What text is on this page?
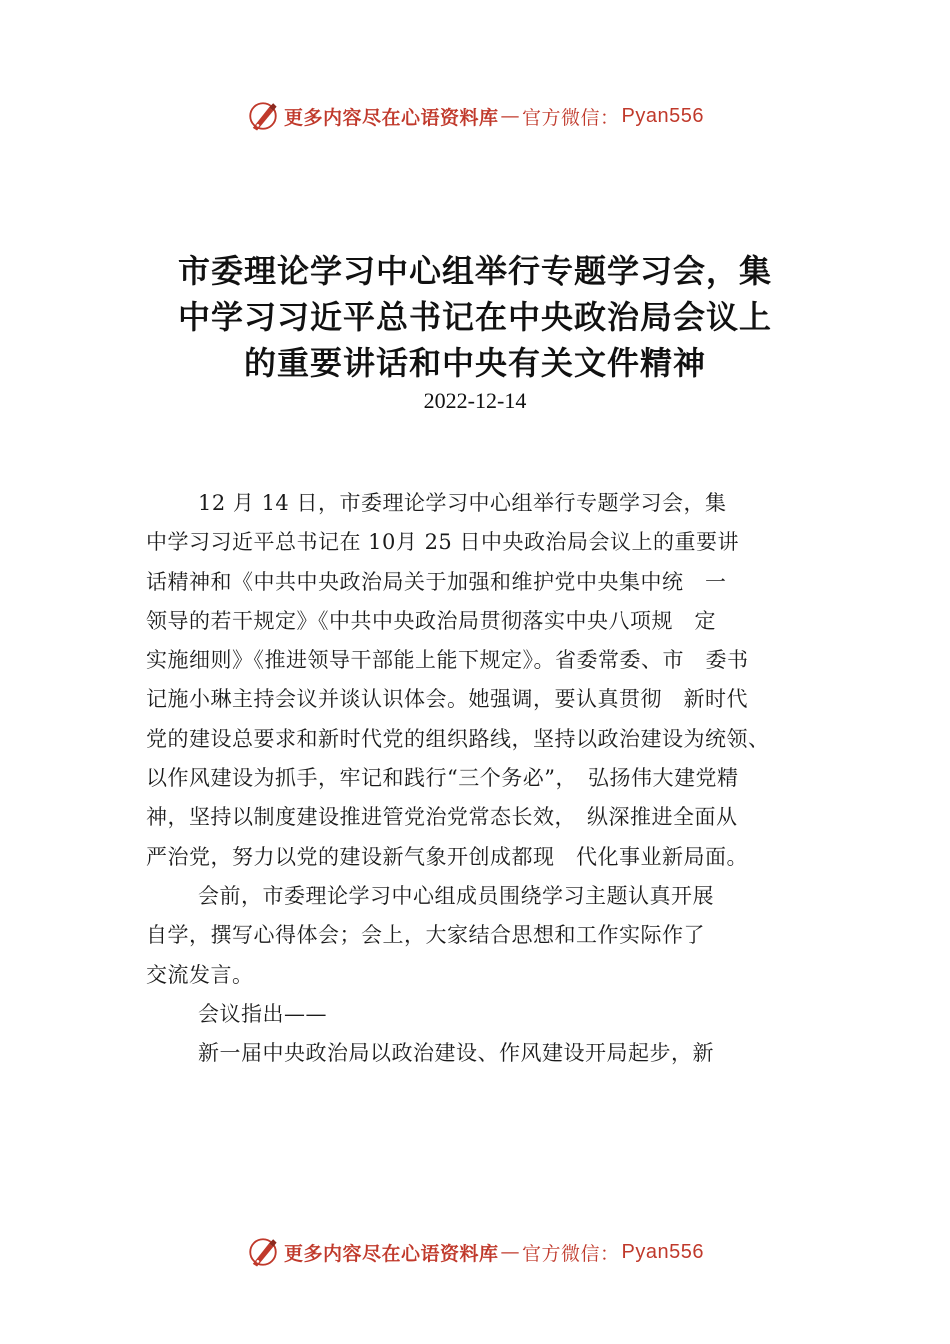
更多内容尽在心语资料库 — 官方微信： Pyan556
市委理论学习中心组举行专题学习会，集
中学习习近平总书记在中央政治局会议上
的重要讲话和中央有关文件精神
2022-12-14
12 月 14 日，市委理论学习中心组举行专题学习会，集
中学习习近平总书记在 10月 25 日中央政治局会议上的重要讲
话精神和《中共中央政治局关于加强和维护党中央集中统　一
领导的若干规定》《中共中央政治局贯彻落实中央八项规　定
实施细则》《推进领导干部能上能下规定》。省委常委、市　委书
记施小琳主持会议并谈认识体会。她强调，要认真贯彻　新时代
党的建设总要求和新时代党的组织路线，坚持以政治建设为统领、
以作风建设为抓手，牢记和践行“三个务必”，　弘扬伟大建党精
神，坚持以制度建设推进管党治党常态长效，　纵深推进全面从
严治党，努力以党的建设新气象开创成都现　代化事业新局面。
会前，市委理论学习中心组成员围绕学习主题认真开展
自学，撰写心得体会；会上，大家结合思想和工作实际作了
交流发言。
会议指出——
新一届中央政治局以政治建设、作风建设开局起步，新
更多内容尽在心语资料库 — 官方微信： Pyan556
